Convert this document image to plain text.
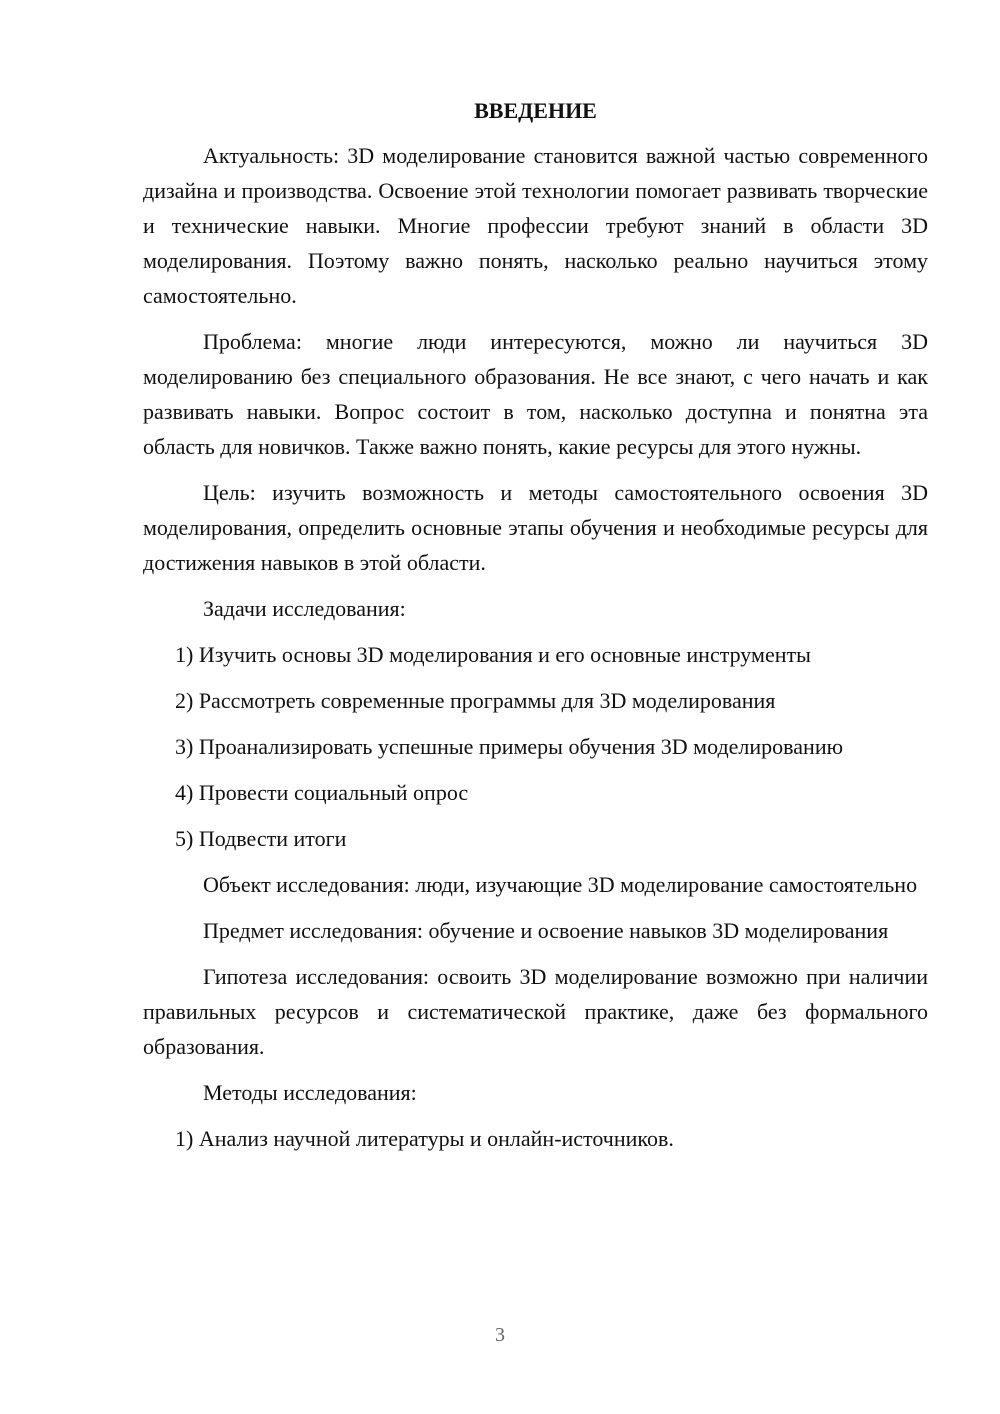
ВВЕДЕНИЕ

Актуальность: 3D моделирование становится важной частью современного дизайна и производства. Освоение этой технологии помогает развивать творческие и технические навыки. Многие профессии требуют знаний в области 3D моделирования. Поэтому важно понять, насколько реально научиться этому самостоятельно.

Проблема: многие люди интересуются, можно ли научиться 3D моделированию без специального образования. Не все знают, с чего начать и как развивать навыки. Вопрос состоит в том, насколько доступна и понятна эта область для новичков. Также важно понять, какие ресурсы для этого нужны.

Цель: изучить возможность и методы самостоятельного освоения 3D моделирования, определить основные этапы обучения и необходимые ресурсы для достижения навыков в этой области.

Задачи исследования:

1) Изучить основы 3D моделирования и его основные инструменты

2) Рассмотреть современные программы для 3D моделирования

3) Проанализировать успешные примеры обучения 3D моделированию

4) Провести социальный опрос

5) Подвести итоги

Объект исследования: люди, изучающие 3D моделирование самостоятельно

Предмет исследования: обучение и освоение навыков 3D моделирования

Гипотеза исследования: освоить 3D моделирование возможно при наличии правильных ресурсов и систематической практике, даже без формального образования.

Методы исследования:

1) Анализ научной литературы и онлайн-источников.

3
